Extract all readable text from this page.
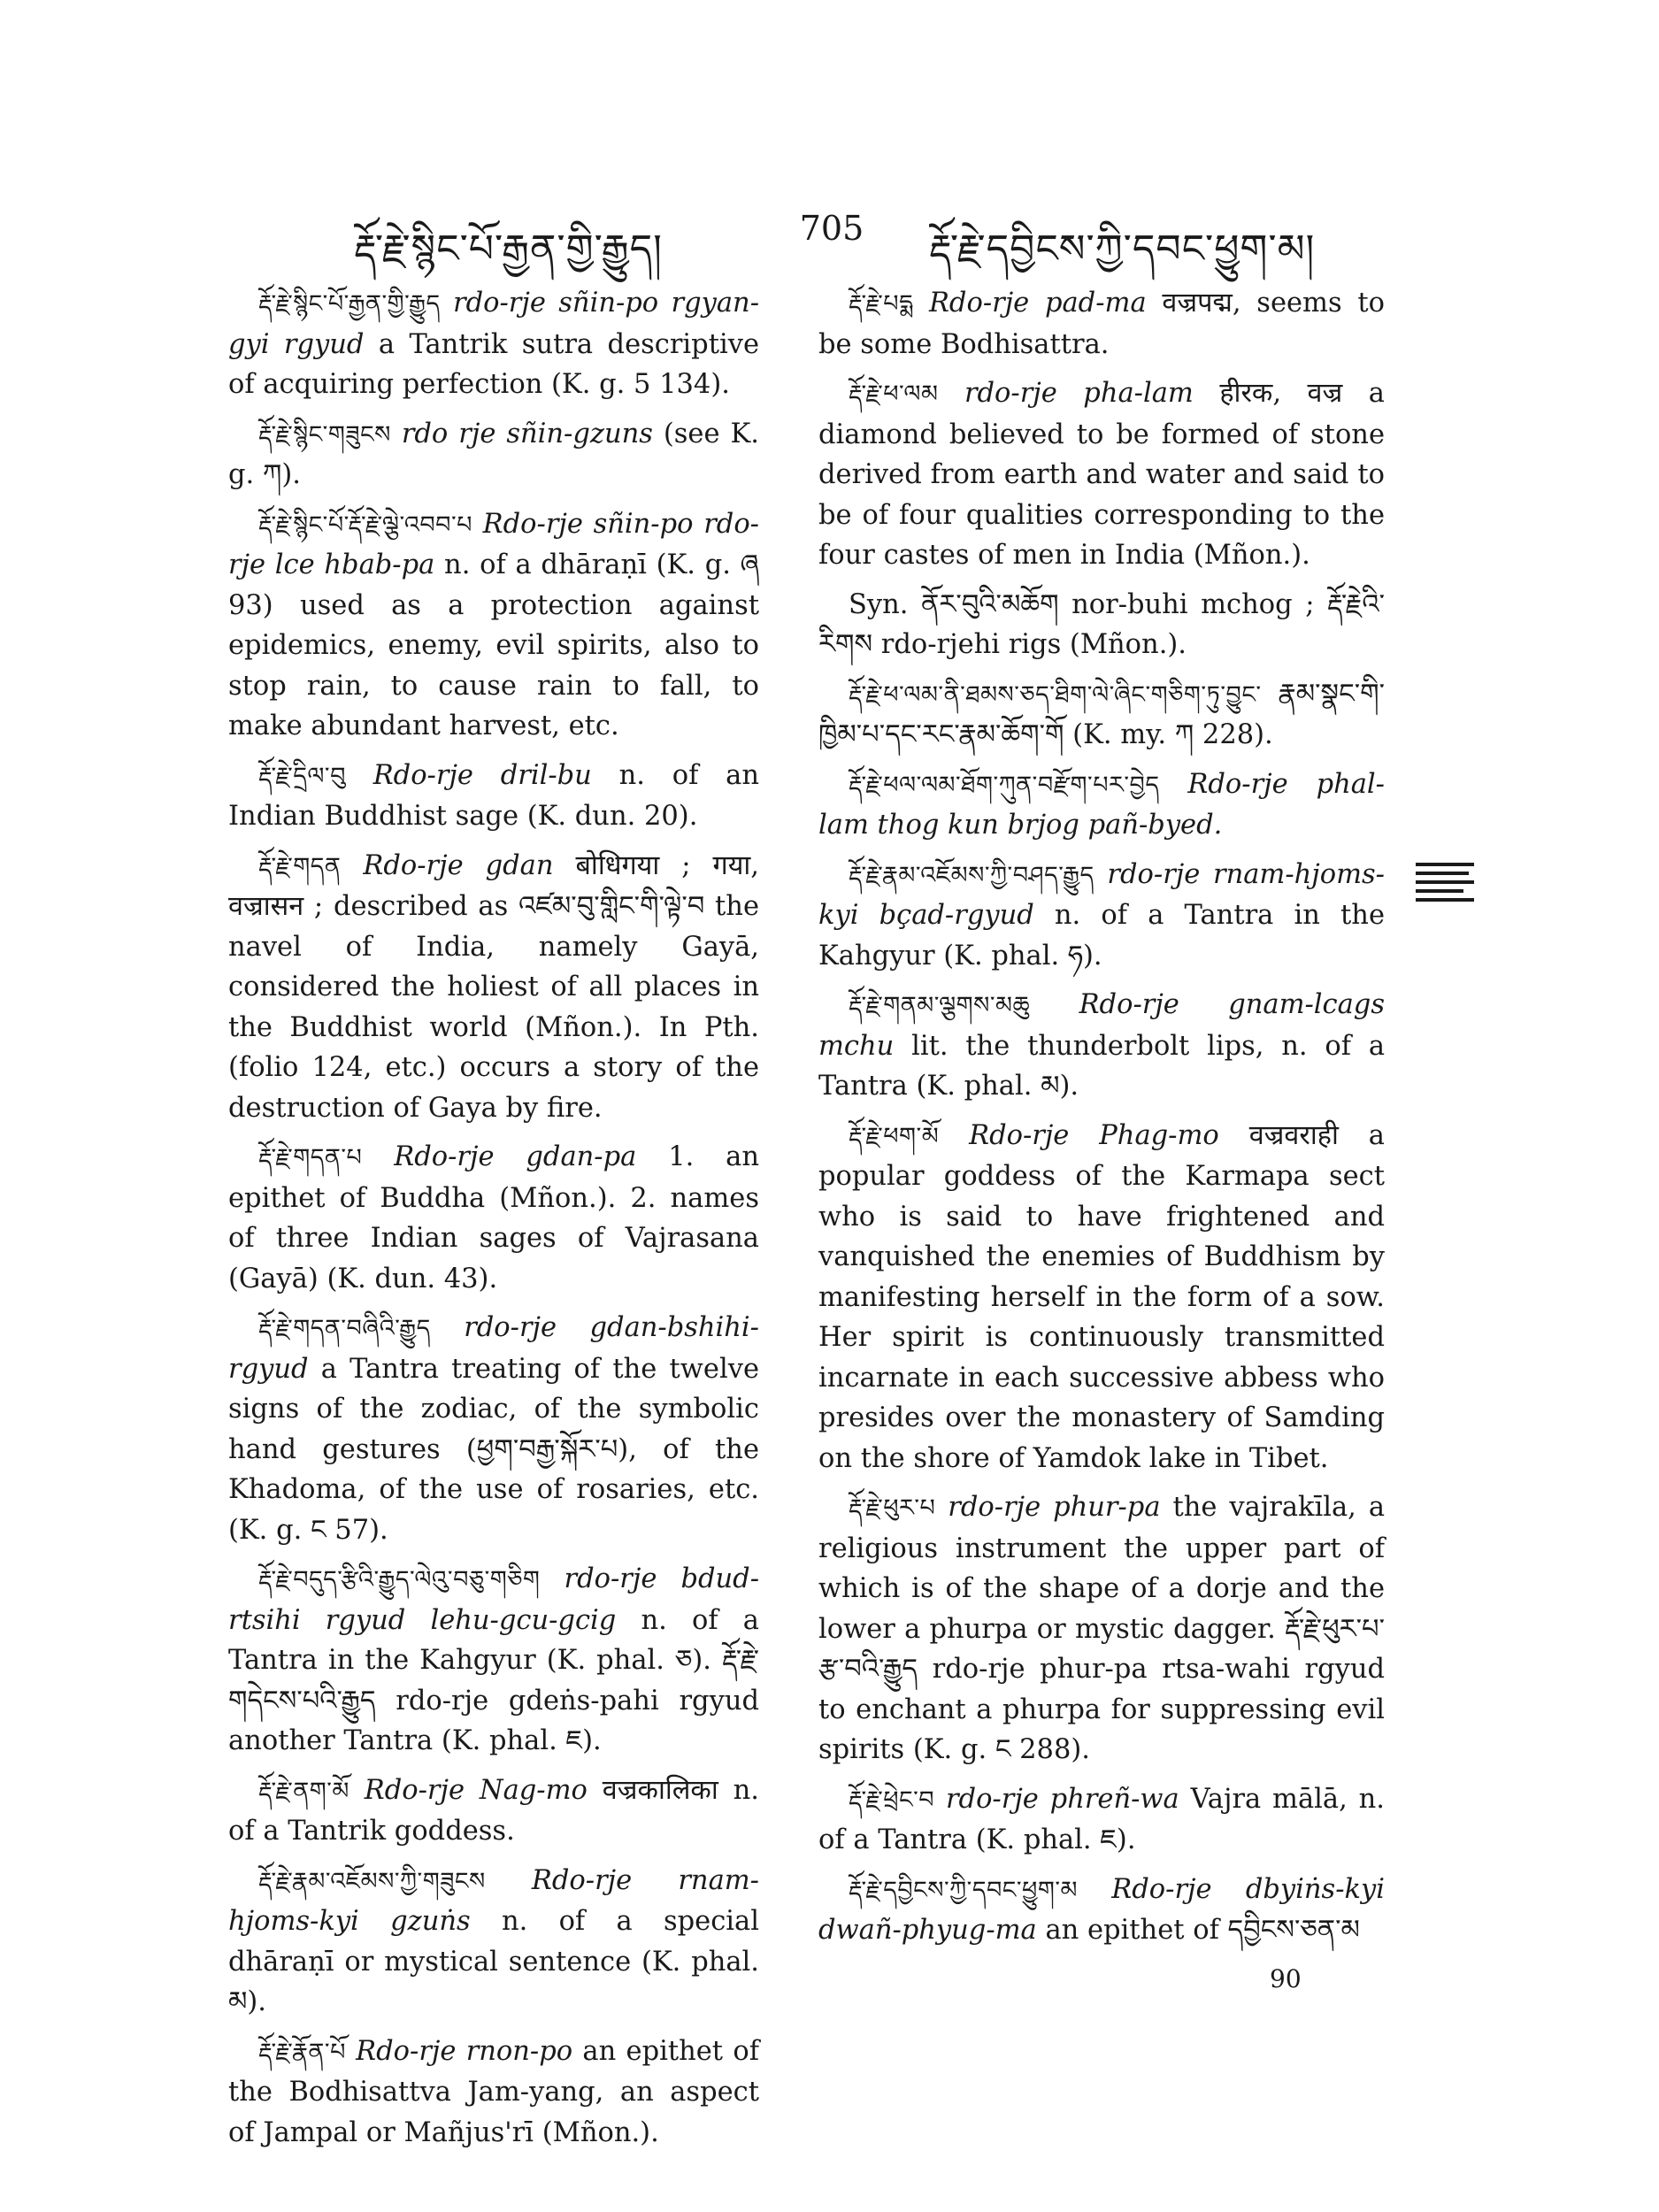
རྡོ་རྗེ་སྙིང་པོ་རྒྱན་གྱི་རྒྱུད།	705	རྡོ་རྗེ་དབྱིངས་ཀྱི་དབང་ཕྱུག་མ།

རྡོ་རྗེ་སྙིང་པོ་རྒྱན་གྱི་རྒྱུད rdo-rje sñin-po rgyan-gyi rgyud a Tantrik sutra descriptive of acquiring perfection (K. g. 5 134).

རྡོ་རྗེ་སྙིང་གཟུངས rdo rje sñin-gzuns (see K. g. ཀ).

རྡོ་རྗེ་སྙིང་པོ་རྡོ་རྗེ་ལྕེ་འབབ་པ Rdo-rje sñin-po rdo-rje lce hbab-pa n. of a dhāraṇī (K. g. ཞ 93) used as a protection against epidemics, enemy, evil spirits, also to stop rain, to cause rain to fall, to make abundant harvest, etc.

རྡོ་རྗེ་དྲིལ་བུ Rdo-rje dril-bu n. of an Indian Buddhist sage (K. dun. 20).

རྡོ་རྗེ་གདན Rdo-rje gdan बोधिगया ; गया, वज्रासन ; described as འཛམ་བུ་གླིང་གི་ལྟེ་བ the navel of India, namely Gayā, considered the holiest of all places in the Buddhist world (Mñon.). In Pth. (folio 124, etc.) occurs a story of the destruction of Gaya by fire.

རྡོ་རྗེ་གདན་པ Rdo-rje gdan-pa 1. an epithet of Buddha (Mñon.). 2. names of three Indian sages of Vajrasana (Gayā) (K. dun. 43).

རྡོ་རྗེ་གདན་བཞིའི་རྒྱུད rdo-rje gdan-bshihi-rgyud a Tantra treating of the twelve signs of the zodiac, of the symbolic hand gestures (ཕྱག་བརྒྱ་སྐོར་པ), of the Khadoma, of the use of rosaries, etc. (K. g. ང 57).

རྡོ་རྗེ་བདུད་རྩིའི་རྒྱུད་ལེའུ་བཅུ་གཅིག rdo-rje bdud-rtsihi rgyud lehu-gcu-gcig n. of a Tantra in the Kahgyur (K. phal. ཅ). རྡོ་རྗེ་གདེངས་པའི་རྒྱུད rdo-rje gdeṅs-pahi rgyud another Tantra (K. phal. ཇ).

རྡོ་རྗེ་ནག་མོ Rdo-rje Nag-mo वज्रकालिका n. of a Tantrik goddess.

རྡོ་རྗེ་རྣམ་འཇོམས་ཀྱི་གཟུངས Rdo-rje rnam-hjoms-kyi gzuṅs n. of a special dhāraṇī or mystical sentence (K. phal. མ).

རྡོ་རྗེ་རྣོན་པོ Rdo-rje rnon-po an epithet of the Bodhisattva Jam-yang, an aspect of Jampal or Mañjus'rī (Mñon.).

རྡོ་རྗེ་པདྨ Rdo-rje pad-ma वज्रपद्म, seems to be some Bodhisattra.

རྡོ་རྗེ་ཕ་ལམ rdo-rje pha-lam हीरक, वज्र a diamond believed to be formed of stone derived from earth and water and said to be of four qualities corresponding to the four castes of men in India (Mñon.).

Syn. ནོར་བུའི་མཆོག nor-buhi mchog ; རྡོ་རྗེའི་རིགས rdo-rjehi rigs (Mñon.).

རྡོ་རྗེ་ཕ་ལམ་ནི་ཐམས་ཅད་ཐིག་ལེ་ཞིང་གཅིག་ཏུ་བྱུང་ རྣམ་སྣང་གི་ཁྱིམ་པ་དང་རང་རྣམ་ཆོག་གོ (K. my. ཀ 228).

རྡོ་རྗེ་ཕལ་ལམ་ཐོག་ཀུན་བརྫོག་པར་བྱེད Rdo-rje phal-lam thog kun brjog pañ-byed.

རྡོ་རྗེ་རྣམ་འཇོམས་ཀྱི་བཤད་རྒྱུད rdo-rje rnam-hjoms-kyi bçad-rgyud n. of a Tantra in the Kahgyur (K. phal. ཧ).

རྡོ་རྗེ་གནམ་ལྕགས་མཆུ Rdo-rje gnam-lcags mchu lit. the thunderbolt lips, n. of a Tantra (K. phal. མ).

རྡོ་རྗེ་ཕག་མོ Rdo-rje Phag-mo वज्रवराही a popular goddess of the Karmapa sect who is said to have frightened and vanquished the enemies of Buddhism by manifesting herself in the form of a sow. Her spirit is continuously transmitted incarnate in each successive abbess who presides over the monastery of Samding on the shore of Yamdok lake in Tibet.

རྡོ་རྗེ་ཕུར་པ rdo-rje phur-pa the vajrakīla, a religious instrument the upper part of which is of the shape of a dorje and the lower a phurpa or mystic dagger. རྡོ་རྗེ་ཕུར་པ་རྩ་བའི་རྒྱུད rdo-rje phur-pa rtsa-wahi rgyud to enchant a phurpa for suppressing evil spirits (K. g. ང 288).

རྡོ་རྗེ་ཕྲེང་བ rdo-rje phreñ-wa Vajra mālā, n. of a Tantra (K. phal. ཇ).

རྡོ་རྗེ་དབྱིངས་ཀྱི་དབང་ཕྱུག་མ Rdo-rje dbyiṅs-kyi dwañ-phyug-ma an epithet of དབྱིངས་ཅན་མ

90
